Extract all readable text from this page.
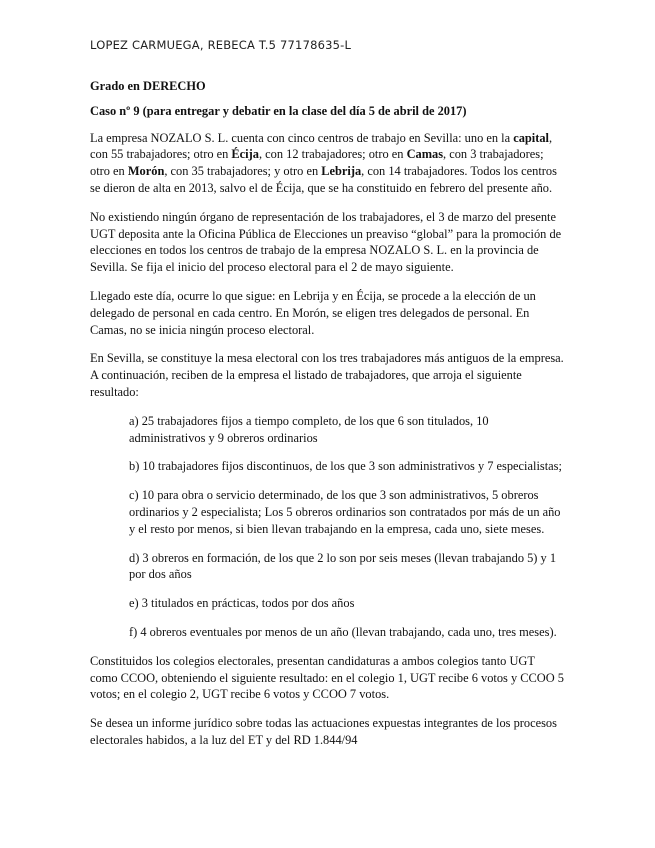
LOPEZ CARMUEGA, REBECA T.5 77178635-L

Grado en DERECHO

Caso nº 9 (para entregar y debatir en la clase del día 5 de abril de 2017)

La empresa NOZALO S. L. cuenta con cinco centros de trabajo en Sevilla: uno en la capital, con 55 trabajadores; otro en Écija, con 12 trabajadores; otro en Camas, con 3 trabajadores; otro en Morón, con 35 trabajadores; y otro en Lebrija, con 14 trabajadores. Todos los centros se dieron de alta en 2013, salvo el de Écija, que se ha constituido en febrero del presente año.

No existiendo ningún órgano de representación de los trabajadores, el 3 de marzo del presente UGT deposita ante la Oficina Pública de Elecciones un preaviso “global” para la promoción de elecciones en todos los centros de trabajo de la empresa NOZALO S. L. en la provincia de Sevilla. Se fija el inicio del proceso electoral para el 2 de mayo siguiente.

Llegado este día, ocurre lo que sigue: en Lebrija y en Écija, se procede a la elección de un delegado de personal en cada centro. En Morón, se eligen tres delegados de personal. En Camas, no se inicia ningún proceso electoral.

En Sevilla, se constituye la mesa electoral con los tres trabajadores más antiguos de la empresa. A continuación, reciben de la empresa el listado de trabajadores, que arroja el siguiente resultado:

a) 25 trabajadores fijos a tiempo completo, de los que 6 son titulados, 10 administrativos y 9 obreros ordinarios

b) 10 trabajadores fijos discontinuos, de los que 3 son administrativos y 7 especialistas;

c) 10 para obra o servicio determinado, de los que 3 son administrativos, 5 obreros ordinarios y 2 especialista; Los 5 obreros ordinarios son contratados por más de un año y el resto por menos, si bien llevan trabajando en la empresa, cada uno, siete meses.

d) 3 obreros en formación, de los que 2 lo son por seis meses (llevan trabajando 5) y 1 por dos años

e) 3 titulados en prácticas, todos por dos años

f) 4 obreros eventuales por menos de un año (llevan trabajando, cada uno, tres meses).

Constituidos los colegios electorales, presentan candidaturas a ambos colegios tanto UGT como CCOO, obteniendo el siguiente resultado: en el colegio 1, UGT recibe 6 votos y CCOO 5 votos; en el colegio 2, UGT recibe 6 votos y CCOO 7 votos.

Se desea un informe jurídico sobre todas las actuaciones expuestas integrantes de los procesos electorales habidos, a la luz del ET y del RD 1.844/94
